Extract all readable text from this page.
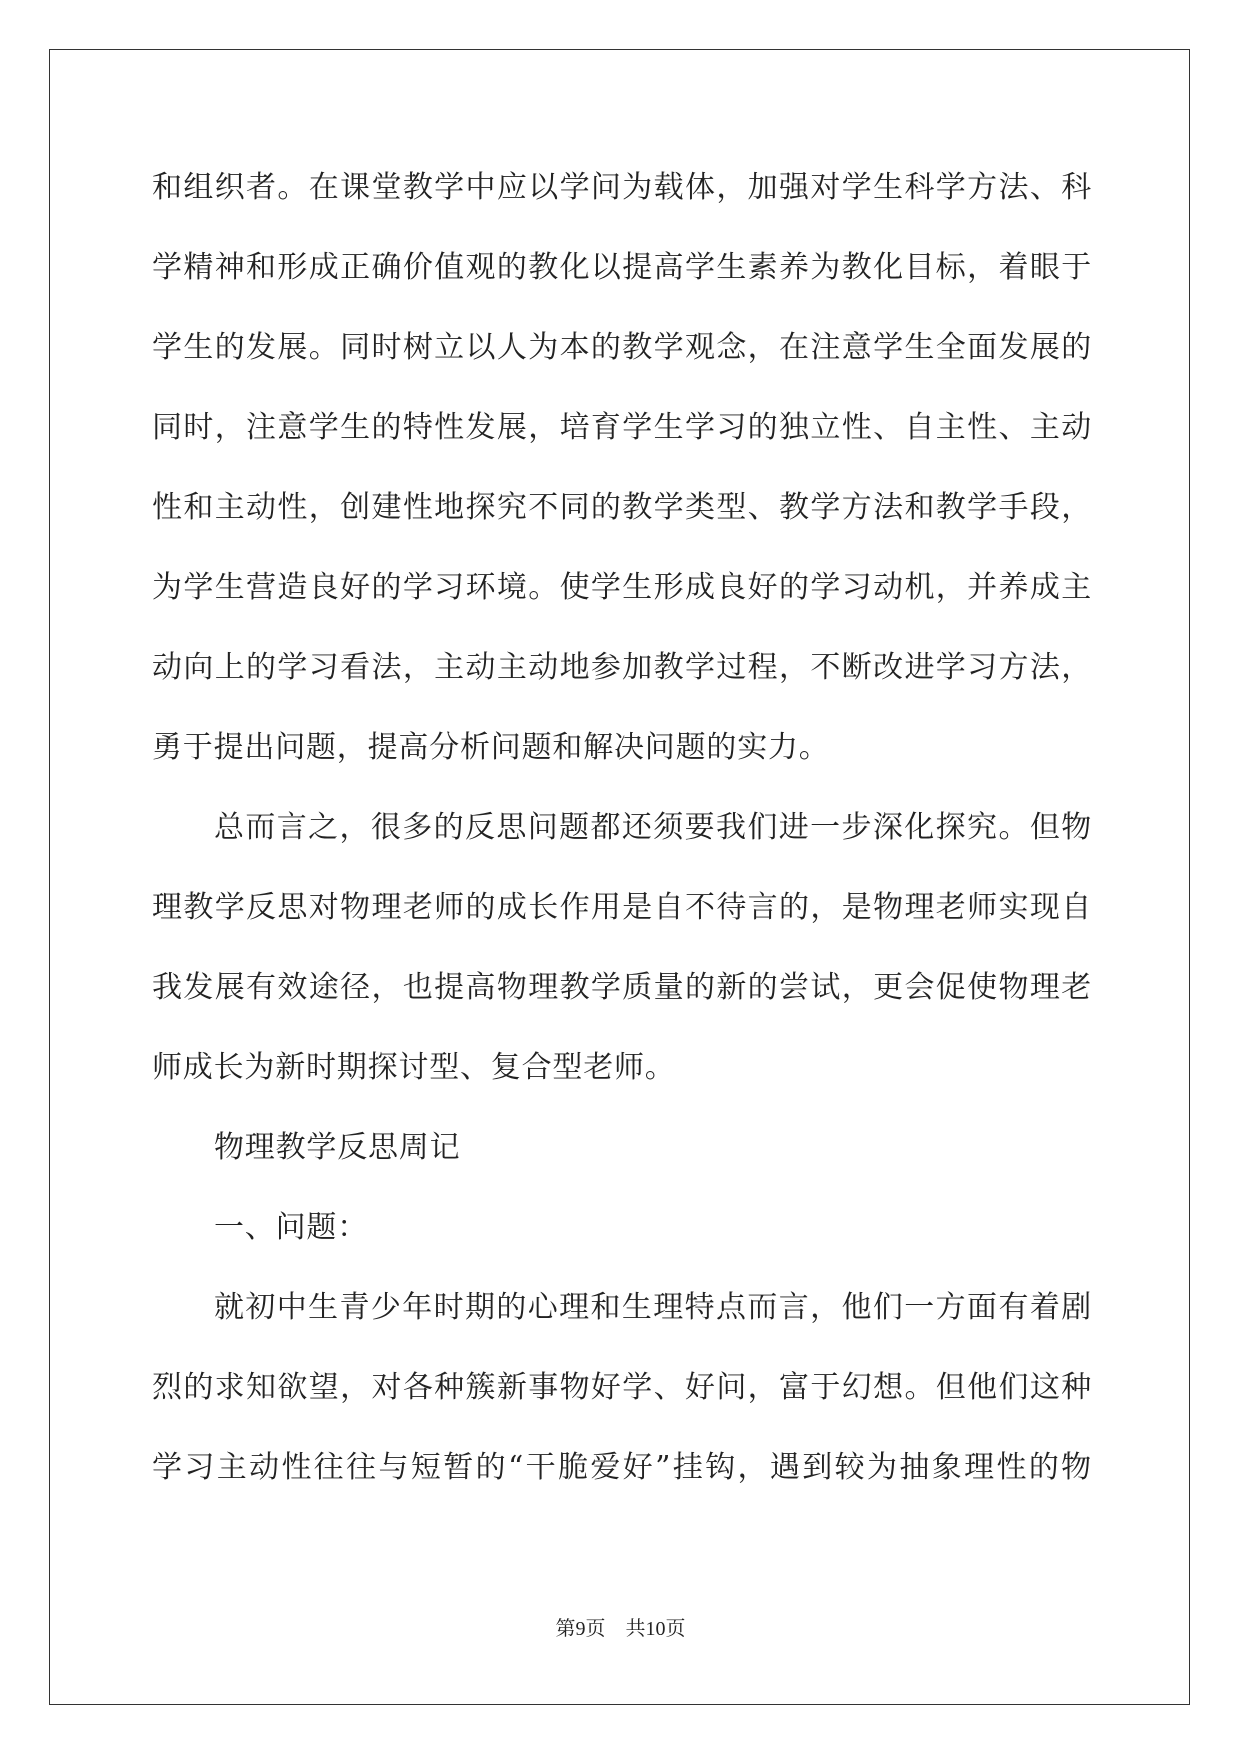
和组织者。在课堂教学中应以学问为载体，加强对学生科学方法、科
学精神和形成正确价值观的教化以提高学生素养为教化目标，着眼于
学生的发展。同时树立以人为本的教学观念，在注意学生全面发展的
同时，注意学生的特性发展，培育学生学习的独立性、自主性、主动
性和主动性，创建性地探究不同的教学类型、教学方法和教学手段，
为学生营造良好的学习环境。使学生形成良好的学习动机，并养成主
动向上的学习看法，主动主动地参加教学过程，不断改进学习方法，
勇于提出问题，提高分析问题和解决问题的实力。
总而言之，很多的反思问题都还须要我们进一步深化探究。但物
理教学反思对物理老师的成长作用是自不待言的，是物理老师实现自
我发展有效途径，也提高物理教学质量的新的尝试，更会促使物理老
师成长为新时期探讨型、复合型老师。
物理教学反思周记
一、问题：
就初中生青少年时期的心理和生理特点而言，他们一方面有着剧
烈的求知欲望，对各种簇新事物好学、好问，富于幻想。但他们这种
学习主动性往往与短暂的“干脆爱好”挂钩，遇到较为抽象理性的物
第9页    共10页
